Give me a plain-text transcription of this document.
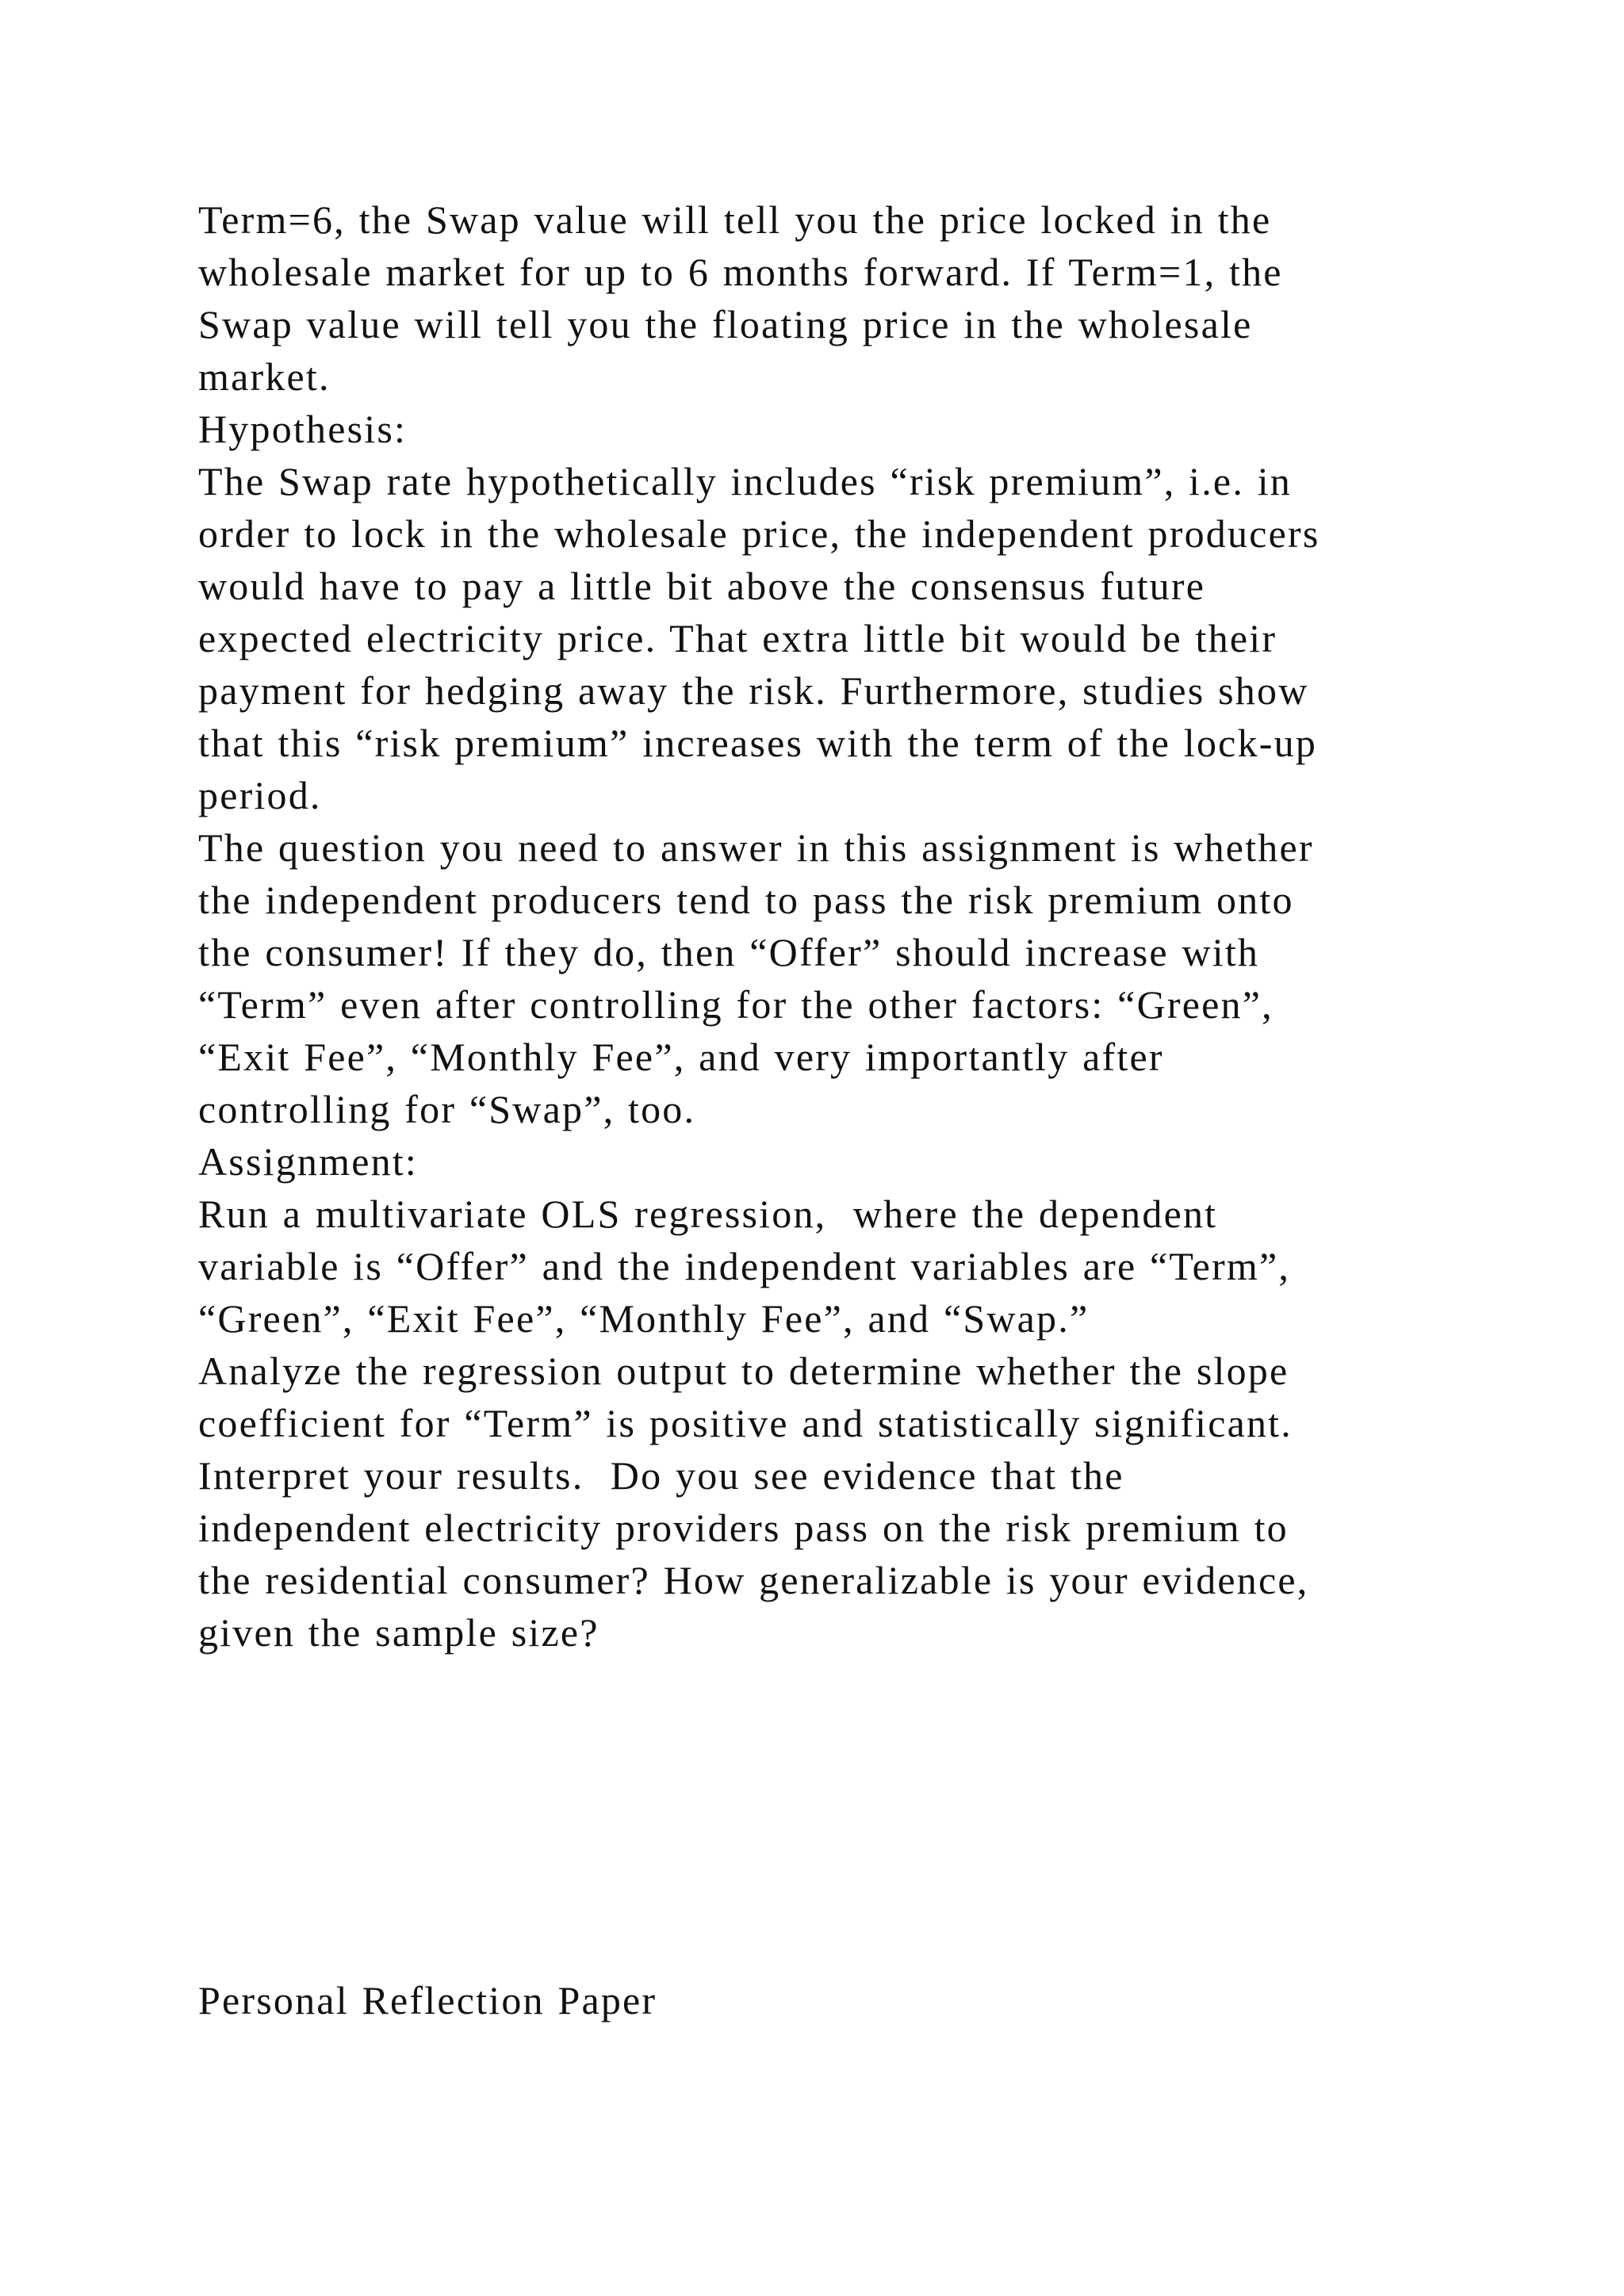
Term=6, the Swap value will tell you the price locked in the
wholesale market for up to 6 months forward. If Term=1, the
Swap value will tell you the floating price in the wholesale
market.
Hypothesis:
The Swap rate hypothetically includes “risk premium”, i.e. in
order to lock in the wholesale price, the independent producers
would have to pay a little bit above the consensus future
expected electricity price. That extra little bit would be their
payment for hedging away the risk. Furthermore, studies show
that this “risk premium” increases with the term of the lock-up
period.
The question you need to answer in this assignment is whether
the independent producers tend to pass the risk premium onto
the consumer! If they do, then “Offer” should increase with
“Term” even after controlling for the other factors: “Green”,
“Exit Fee”, “Monthly Fee”, and very importantly after
controlling for “Swap”, too.
Assignment:
Run a multivariate OLS regression,  where the dependent
variable is “Offer” and the independent variables are “Term”,
“Green”, “Exit Fee”, “Monthly Fee”, and “Swap.”
Analyze the regression output to determine whether the slope
coefficient for “Term” is positive and statistically significant.
Interpret your results.  Do you see evidence that the
independent electricity providers pass on the risk premium to
the residential consumer? How generalizable is your evidence,
given the sample size?
Personal Reflection Paper
